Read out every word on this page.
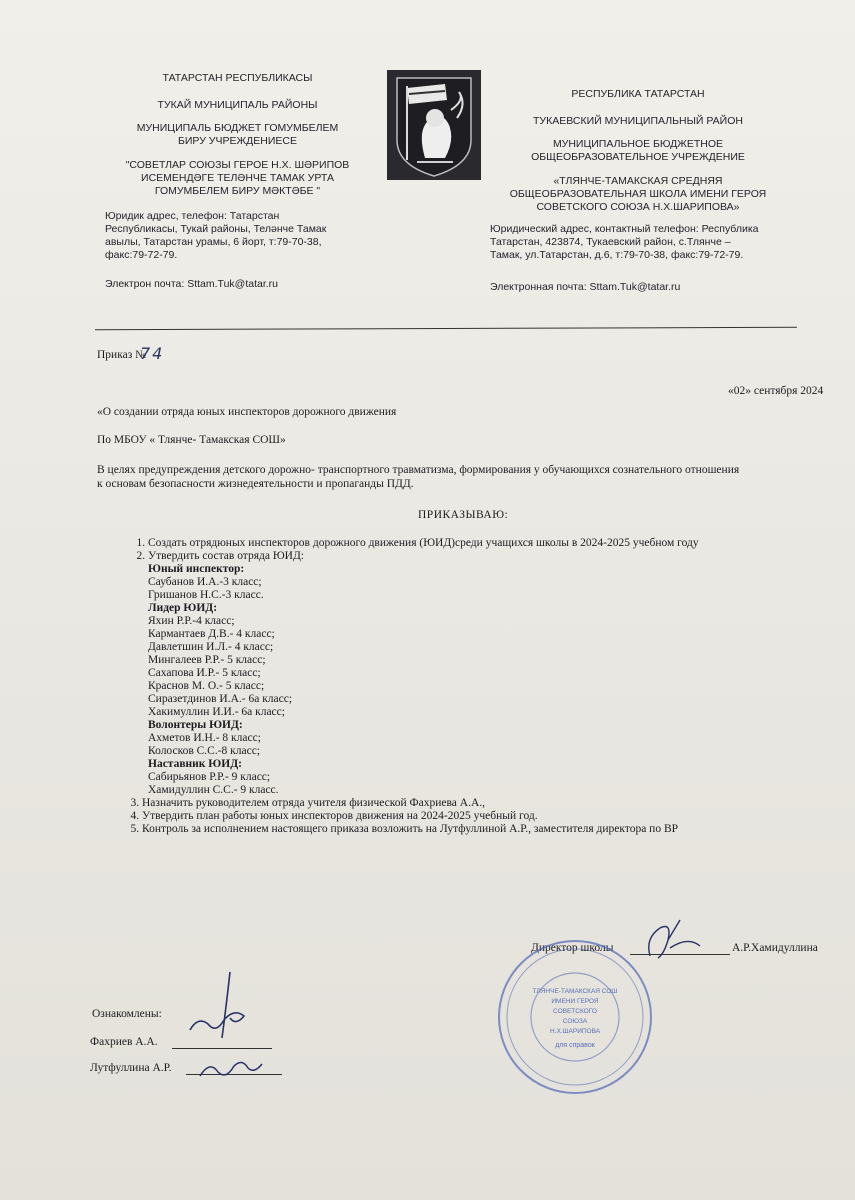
ТАТАРСТАН РЕСПУБЛИКАСЫ
ТУКАЙ МУНИЦИПАЛЬ РАЙОНЫ
МУНИЦИПАЛЬ БЮДЖЕТ ГОМУМБЕЛЕМ
БИРУ УЧРЕЖДЕНИЕСЕ
"СОВЕТЛАР СОЮЗЫ ГЕРОЕ Н.Х. ШӘРИПОВ
ИСЕМЕНДӘГЕ ТЕЛӘНЧЕ ТАМАК УРТА
ГОМУМБЕЛЕМ БИРУ МӘКТӘБЕ "
Юридик адрес, телефон: Татарстан
Республикасы, Тукай районы, Теләнче Тамак
авылы, Татарстан урамы, 6 йорт, т:79-70-38,
факс:79-72-79.
Электрон почта: Sttam.Tuk@tatar.ru
РЕСПУБЛИКА ТАТАРСТАН
ТУКАЕВСКИЙ МУНИЦИПАЛЬНЫЙ РАЙОН
МУНИЦИПАЛЬНОЕ БЮДЖЕТНОЕ
ОБЩЕОБРАЗОВАТЕЛЬНОЕ УЧРЕЖДЕНИЕ
«ТЛЯНЧЕ-ТАМАКСКАЯ СРЕДНЯЯ
ОБЩЕОБРАЗОВАТЕЛЬНАЯ ШКОЛА ИМЕНИ ГЕРОЯ
СОВЕТСКОГО СОЮЗА Н.Х.ШАРИПОВА»
Юридический адрес, контактный телефон: Республика
Татарстан, 423874, Тукаевский район, с.Тлянче –
Тамак, ул.Татарстан, д.6, т:79-70-38, факс:79-72-79.
Электронная почта: Sttam.Tuk@tatar.ru
Приказ №
74
«02» сентября 2024
«О создании отряда юных инспекторов дорожного движения
По МБОУ « Тлянче- Тамакская СОШ»
В целях предупреждения детского дорожно- транспортного травматизма, формирования у обучающихся сознательного отношения
к основам безопасности жизнедеятельности и пропаганды ПДД.
ПРИКАЗЫВАЮ:
1. Создать отрядюных инспекторов дорожного движения (ЮИД)среди учащихся школы в 2024-2025 учебном году
2. Утвердить состав отряда ЮИД:
Юный инспектор:
Саубанов И.А.-3 класс;
Гришанов Н.С.-3 класс.
Лидер ЮИД:
Яхин Р.Р.-4 класс;
Кармантаев Д.В.- 4 класс;
Давлетшин И.Л.- 4 класс;
Мингалеев Р.Р.- 5 класс;
Сахапова И.Р.- 5 класс;
Краснов М. О.- 5 класс;
Сиразетдинов И.А.- 6а класс;
Хакимуллин И.И.- 6а класс;
Волонтеры ЮИД:
Ахметов И.Н.- 8 класс;
Колосков С.С.-8 класс;
Наставник ЮИД:
Сабирьянов Р.Р.- 9 класс;
Хамидуллин С.С.- 9 класс.
3. Назначить руководителем отряда учителя физической Фахриева А.А.,
4. Утвердить план работы юных инспекторов движения на 2024-2025 учебный год.
5. Контроль за исполнением настоящего приказа возложить на Лутфуллиной А.Р., заместителя директора по ВР
Директор школы	А.Р.Хамидуллина
ТЛЯНЧЕ-ТАМАКСКАЯ СОШ
ИМЕНИ ГЕРОЯ
СОВЕТСКОГО
СОЮЗА
Н.Х.ШАРИПОВА
для справок
Ознакомлены:
Фахриев А.А.
Лутфуллина А.Р.
